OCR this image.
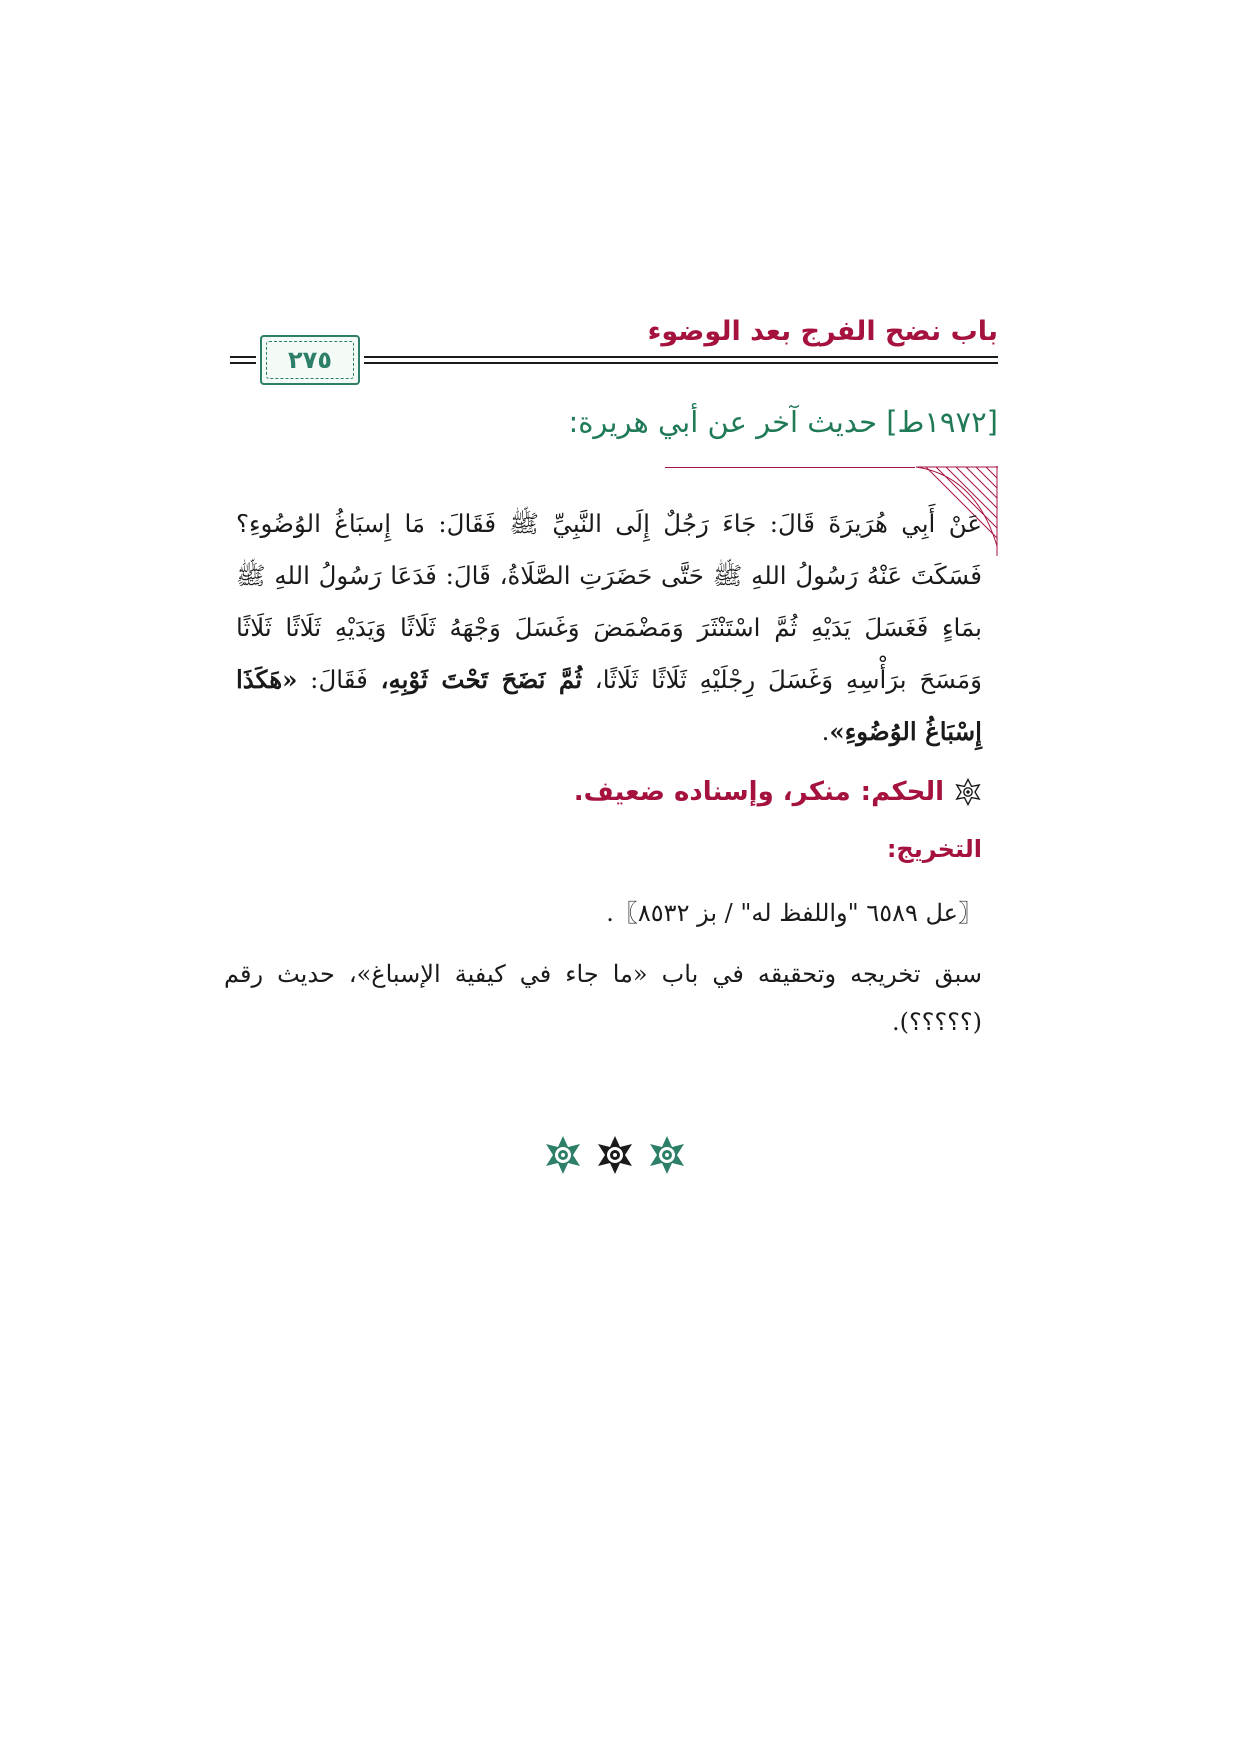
باب نضح الفرج بعد الوضوء
٢٧٥
[١٩٧٢ط] حديث آخر عن أبي هريرة:
عَنْ أَبِي هُرَيرَةَ قَالَ: جَاءَ رَجُلٌ إِلَى النَّبِيِّ ﷺ فَقَالَ: مَا إِسبَاغُ الوُضُوءِ؟ فَسَكَتَ عَنْهُ رَسُولُ اللهِ ﷺ حَتَّى حَضَرَتِ الصَّلَاةُ، قَالَ: فَدَعَا رَسُولُ اللهِ ﷺ بمَاءٍ فَغَسَلَ يَدَيْهِ ثُمَّ اسْتَنْثَرَ وَمَضْمَضَ وَغَسَلَ وَجْهَهُ ثَلَاثًا وَيَدَيْهِ ثَلَاثًا ثَلَاثًا وَمَسَحَ برَأْسِهِ وَغَسَلَ رِجْلَيْهِ ثَلَاثًا ثَلَاثًا، ثُمَّ نَضَحَ تَحْتَ ثَوْبِهِ، فَقَالَ: «هَكَذَا إِسْبَاغُ الوُضُوءِ».
الحكم:
منكر، وإسناده ضعيف.
التخريج:
〖عل ٦٥٨٩ "واللفظ له" / بز ٨٥٣٢〗.
سبق تخريجه وتحقيقه في باب «ما جاء في كيفية الإسباغ»، حديث رقم (؟؟؟؟؟).
